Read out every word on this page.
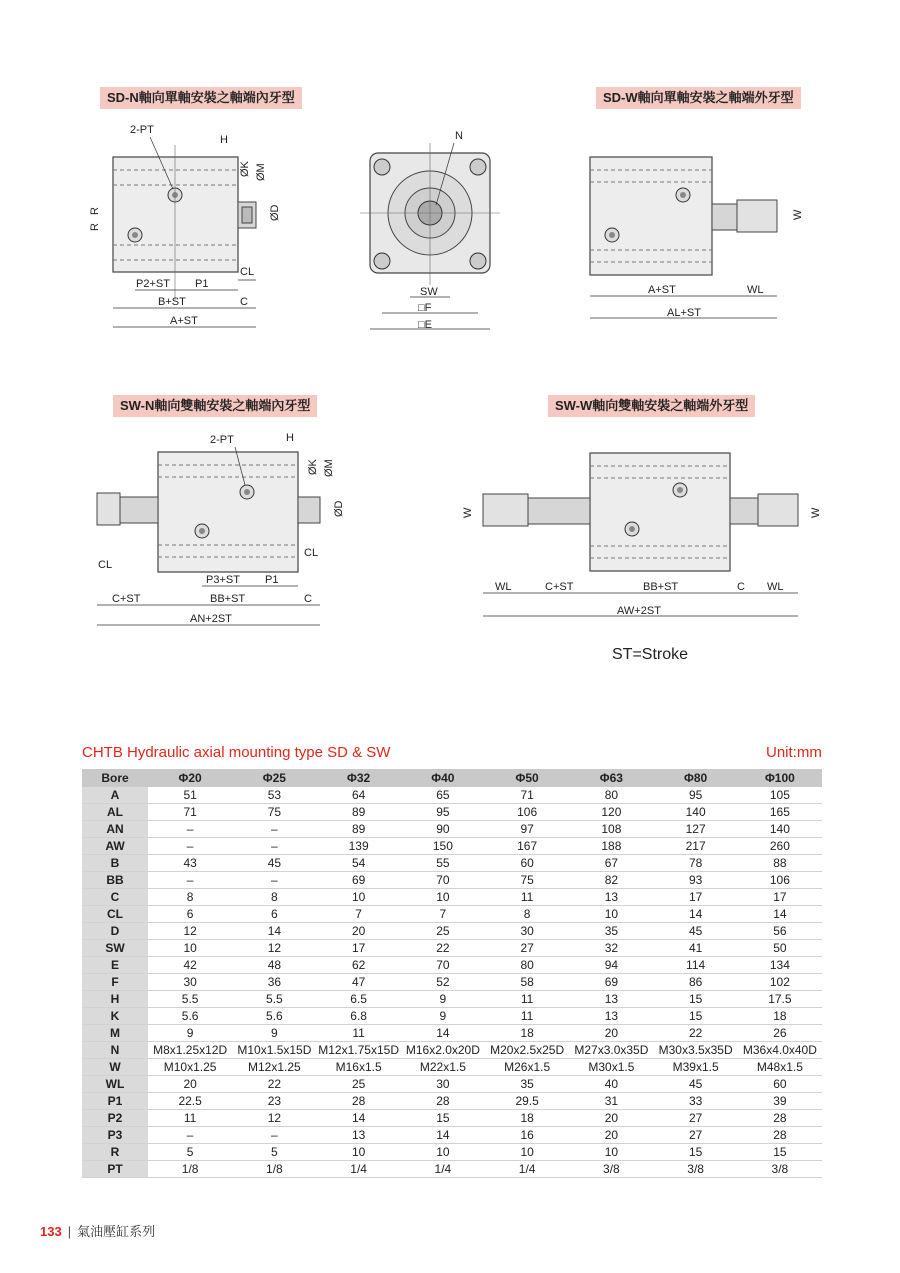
SD-N軸向單軸安裝之軸端內牙型	SD-W軸向單軸安裝之軸端外牙型
SW-N軸向雙軸安裝之軸端內牙型	SW-W軸向雙軸安裝之軸端外牙型
2-PT
H
ØK ØM
ØD
R
R
CL
P2+ST P1
B+ST	C
A+ST
N
SW
□F
□E
W
A+ST	WL
AL+ST
2-PT	H
ØK ØM
ØD
CL
CL
P3+ST P1
C+ST	BB+ST	C
AN+2ST
W	W
WL	C+ST	BB+ST	C WL
AW+2ST
ST=Stroke
CHTB Hydraulic axial mounting type SD & SW	Unit:mm
Bore	Φ20	Φ25	Φ32	Φ40	Φ50	Φ63	Φ80	Φ100
A	51	53	64	65	71	80	95	105
AL	71	75	89	95	106	120	140	165
AN	–	–	89	90	97	108	127	140
AW	–	–	139	150	167	188	217	260
B	43	45	54	55	60	67	78	88
BB	–	–	69	70	75	82	93	106
C	8	8	10	10	11	13	17	17
CL	6	6	7	7	8	10	14	14
D	12	14	20	25	30	35	45	56
SW	10	12	17	22	27	32	41	50
E	42	48	62	70	80	94	114	134
F	30	36	47	52	58	69	86	102
H	5.5	5.5	6.5	9	11	13	15	17.5
K	5.6	5.6	6.8	9	11	13	15	18
M	9	9	11	14	18	20	22	26
N	M8x1.25x12D	M10x1.5x15D	M12x1.75x15D	M16x2.0x20D	M20x2.5x25D	M27x3.0x35D	M30x3.5x35D	M36x4.0x40D
W	M10x1.25	M12x1.25	M16x1.5	M22x1.5	M26x1.5	M30x1.5	M39x1.5	M48x1.5
WL	20	22	25	30	35	40	45	60
P1	22.5	23	28	28	29.5	31	33	39
P2	11	12	14	15	18	20	27	28
P3	–	–	13	14	16	20	27	28
R	5	5	10	10	10	10	15	15
PT	1/8	1/8	1/4	1/4	1/4	3/8	3/8	3/8
133 | 氣油壓缸系列
